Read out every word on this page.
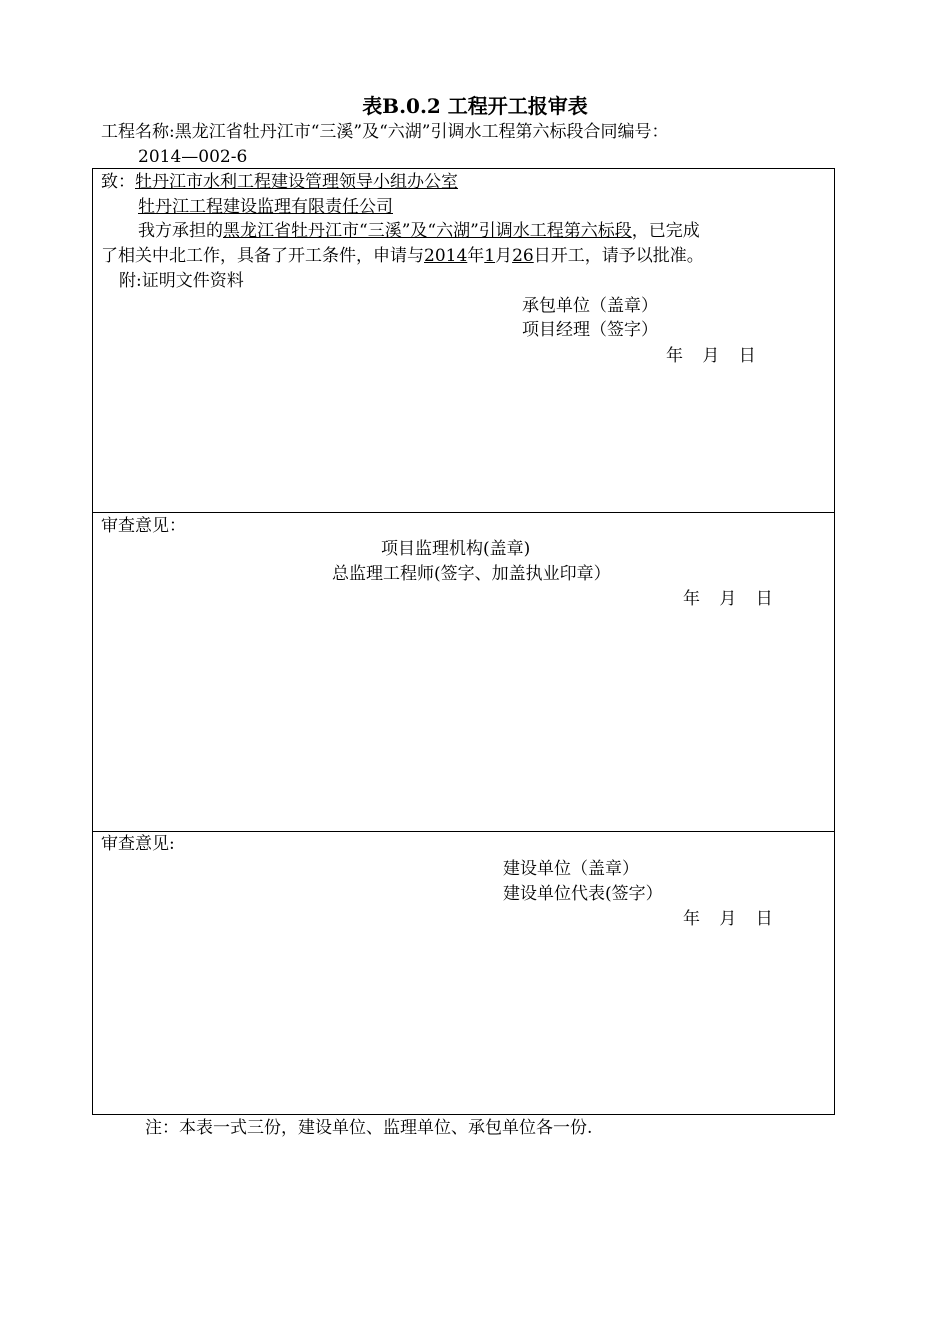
表B.0.2 工程开工报审表
工程名称:黑龙江省牡丹江市“三溪”及“六湖”引调水工程第六标段合同编号：
2014—002-6
致：牡丹江市水利工程建设管理领导小组办公室
牡丹江工程建设监理有限责任公司
我方承担的黑龙江省牡丹江市“三溪”及“六湖”引调水工程第六标段，已完成
了相关中北工作，具备了开工条件，申请与2014年1月26日开工，请予以批准。
附:证明文件资料
承包单位（盖章）
项目经理（签字）
年 月 日
审查意见：
项目监理机构(盖章)
总监理工程师(签字、加盖执业印章）
年 月 日
审查意见:
建设单位（盖章）
建设单位代表(签字）
年 月 日
注：本表一式三份，建设单位、监理单位、承包单位各一份.
